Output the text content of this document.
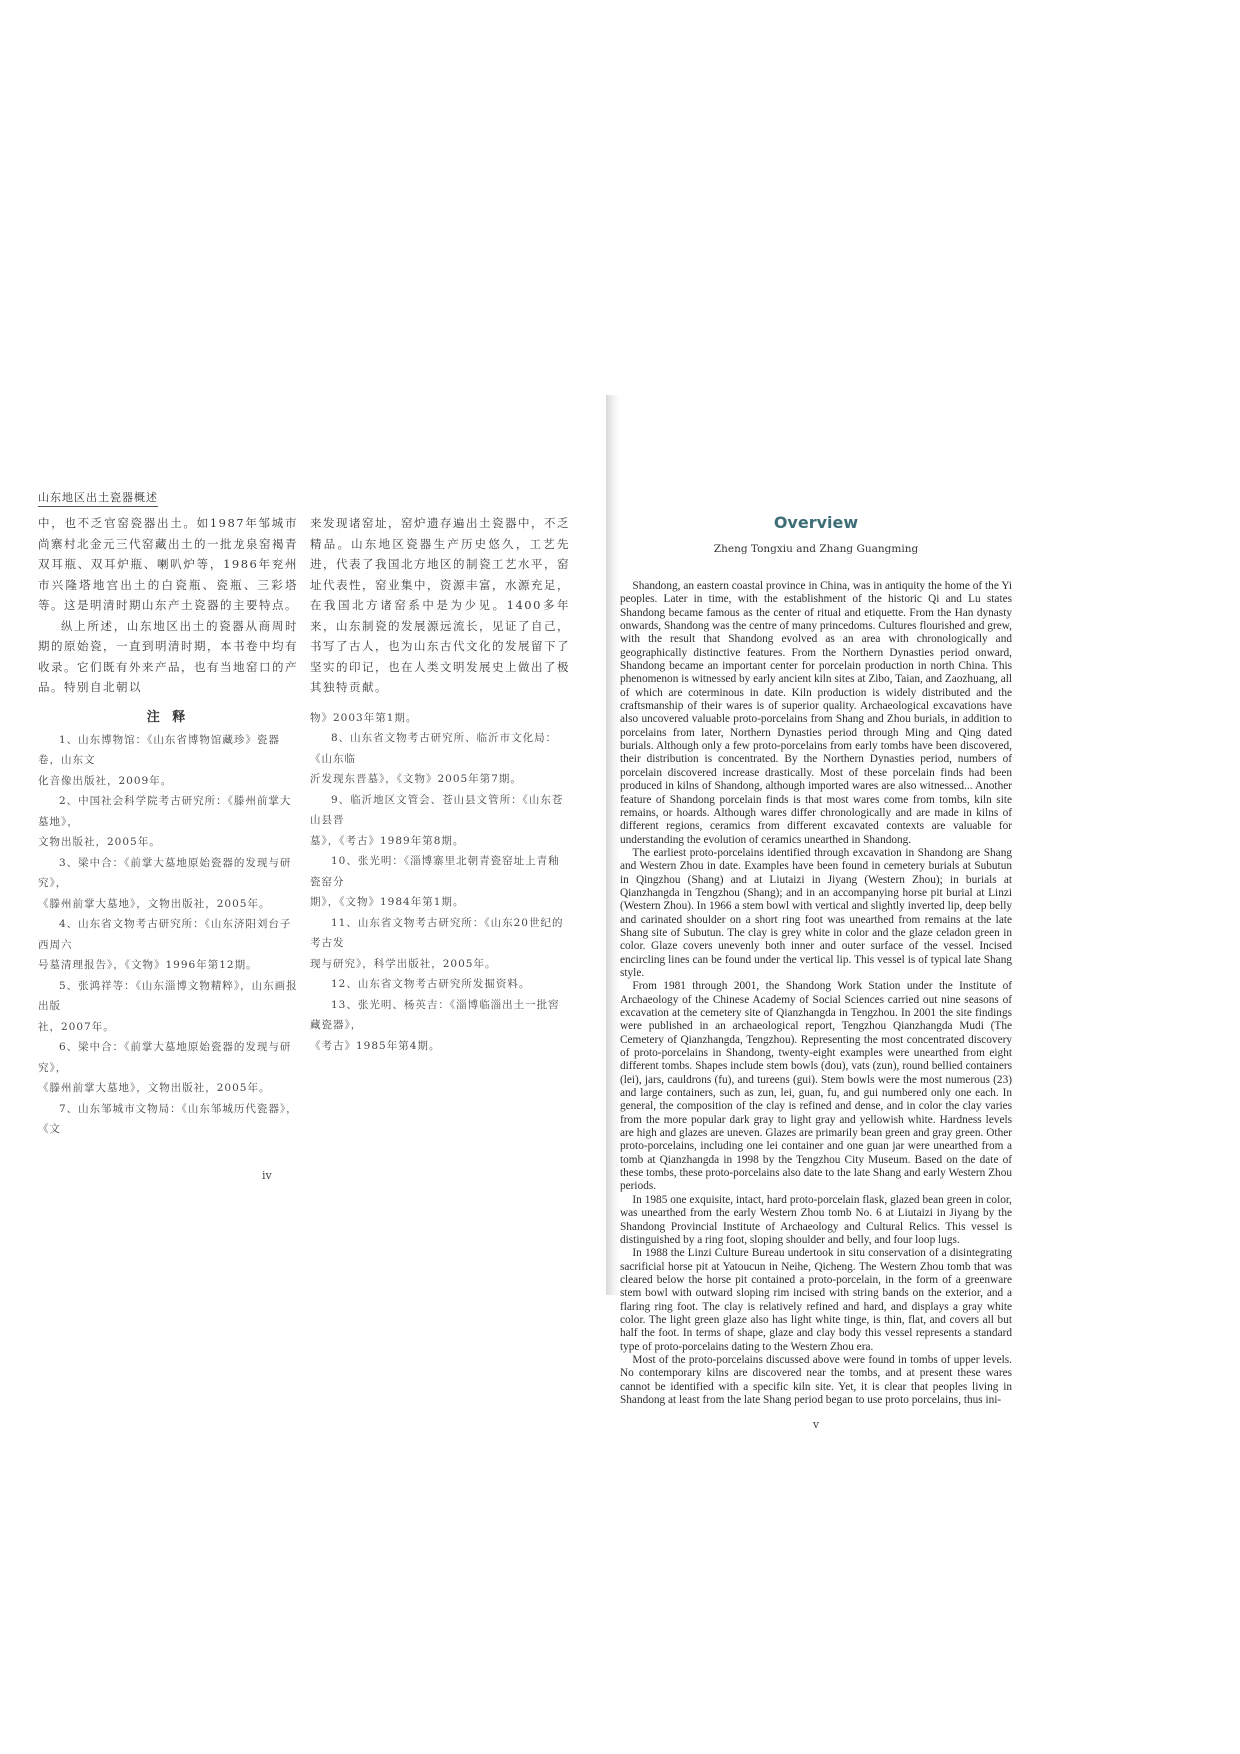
山东地区出土瓷器概述

中，也不乏官窑瓷器出土。如1987年邹城市尚寨村北金元三代窑藏出土的一批龙泉窑褐青双耳瓶、双耳炉瓶、喇叭炉等，1986年兖州市兴隆塔地宫出土的白瓷瓶、瓷瓶、三彩塔等。这是明清时期山东产土瓷器的主要特点。

纵上所述，山东地区出土的瓷器从商周时期的原始瓷，一直到明清时期，本书卷中均有收录。它们既有外来产品，也有当地窑口的产品。特别自北朝以

注 释

1、山东博物馆：《山东省博物馆藏珍》瓷器卷，山东文

化音像出版社，2009年。

2、中国社会科学院考古研究所：《滕州前掌大墓地》，

文物出版社，2005年。

3、梁中合：《前掌大墓地原始瓷器的发现与研究》，

《滕州前掌大墓地》，文物出版社，2005年。

4、山东省文物考古研究所：《山东济阳刘台子西周六

号墓清理报告》，《文物》1996年第12期。

5、张鸿祥等：《山东淄博文物精粹》，山东画报出版

社，2007年。

6、梁中合：《前掌大墓地原始瓷器的发现与研究》，

《滕州前掌大墓地》，文物出版社，2005年。

7、山东邹城市文物局：《山东邹城历代瓷器》，《文

来发现诸窑址，窑炉遗存遍出土瓷器中，不乏精品。山东地区瓷器生产历史悠久，工艺先进，代表了我国北方地区的制瓷工艺水平，窑址代表性，窑业集中，资源丰富，水源充足，在我国北方诸窑系中是为少见。1400多年来，山东制瓷的发展源远流长，见证了自己，书写了古人，也为山东古代文化的发展留下了坚实的印记，也在人类文明发展史上做出了极其独特贡献。

物》2003年第1期。

8、山东省文物考古研究所、临沂市文化局：《山东临

沂发现东晋墓》，《文物》2005年第7期。

9、临沂地区文管会、苍山县文管所：《山东苍山县晋

墓》，《考古》1989年第8期。

10、张光明：《淄博寨里北朝青瓷窑址上青釉瓷窑分

期》，《文物》1984年第1期。

11、山东省文物考古研究所：《山东20世纪的考古发

现与研究》，科学出版社，2005年。

12、山东省文物考古研究所发掘资料。

13、张光明、杨英吉：《淄博临淄出土一批窖藏瓷器》，

《考古》1985年第4期。

iv
Overview
Zheng Tongxiu and Zhang Guangming

Shandong, an eastern coastal province in China, was in antiquity the home of the Yi peoples. Later in time, with the establishment of the historic Qi and Lu states Shandong became famous as the center of ritual and etiquette. From the Han dynasty onwards, Shandong was the centre of many princedoms. Cultures flourished and grew, with the result that Shandong evolved as an area with chronologically and geographically distinctive features. From the Northern Dynasties period onward, Shandong became an important center for porcelain production in north China. This phenomenon is witnessed by early ancient kiln sites at Zibo, Taian, and Zaozhuang, all of which are coterminous in date. Kiln production is widely distributed and the craftsmanship of their wares is of superior quality. Archaeological excavations have also uncovered valuable proto-porcelains from Shang and Zhou burials, in addition to porcelains from later, Northern Dynasties period through Ming and Qing dated burials. Although only a few proto-porcelains from early tombs have been discovered, their distribution is concentrated. By the Northern Dynasties period, numbers of porcelain discovered increase drastically. Most of these porcelain finds had been produced in kilns of Shandong, although imported wares are also witnessed... Another feature of Shandong porcelain finds is that most wares come from tombs, kiln site remains, or hoards. Although wares differ chronologically and are made in kilns of different regions, ceramics from different excavated contexts are valuable for understanding the evolution of ceramics unearthed in Shandong.

The earliest proto-porcelains identified through excavation in Shandong are Shang and Western Zhou in date. Examples have been found in cemetery burials at Subutun in Qingzhou (Shang) and at Liutaizi in Jiyang (Western Zhou); in burials at Qianzhangda in Tengzhou (Shang); and in an accompanying horse pit burial at Linzi (Western Zhou). In 1966 a stem bowl with vertical and slightly inverted lip, deep belly and carinated shoulder on a short ring foot was unearthed from remains at the late Shang site of Subutun. The clay is grey white in color and the glaze celadon green in color. Glaze covers unevenly both inner and outer surface of the vessel. Incised encircling lines can be found under the vertical lip. This vessel is of typical late Shang style.

From 1981 through 2001, the Shandong Work Station under the Institute of Archaeology of the Chinese Academy of Social Sciences carried out nine seasons of excavation at the cemetery site of Qianzhangda in Tengzhou. In 2001 the site findings were published in an archaeological report, Tengzhou Qianzhangda Mudi (The Cemetery of Qianzhangda, Tengzhou). Representing the most concentrated discovery of proto-porcelains in Shandong, twenty-eight examples were unearthed from eight different tombs. Shapes include stem bowls (dou), vats (zun), round bellied containers (lei), jars, cauldrons (fu), and tureens (gui). Stem bowls were the most numerous (23) and large containers, such as zun, lei, guan, fu, and gui numbered only one each. In general, the composition of the clay is refined and dense, and in color the clay varies from the more popular dark gray to light gray and yellowish white. Hardness levels are high and glazes are uneven. Glazes are primarily bean green and gray green. Other proto-porcelains, including one lei container and one guan jar were unearthed from a tomb at Qianzhangda in 1998 by the Tengzhou City Museum. Based on the date of these tombs, these proto-porcelains also date to the late Shang and early Western Zhou periods.

In 1985 one exquisite, intact, hard proto-porcelain flask, glazed bean green in color, was unearthed from the early Western Zhou tomb No. 6 at Liutaizi in Jiyang by the Shandong Provincial Institute of Archaeology and Cultural Relics. This vessel is distinguished by a ring foot, sloping shoulder and belly, and four loop lugs.

In 1988 the Linzi Culture Bureau undertook in situ conservation of a disintegrating sacrificial horse pit at Yatoucun in Neihe, Qicheng. The Western Zhou tomb that was cleared below the horse pit contained a proto-porcelain, in the form of a greenware stem bowl with outward sloping rim incised with string bands on the exterior, and a flaring ring foot. The clay is relatively refined and hard, and displays a gray white color. The light green glaze also has light white tinge, is thin, flat, and covers all but half the foot. In terms of shape, glaze and clay body this vessel represents a standard type of proto-porcelains dating to the Western Zhou era.

Most of the proto-porcelains discussed above were found in tombs of upper levels. No contemporary kilns are discovered near the tombs, and at present these wares cannot be identified with a specific kiln site. Yet, it is clear that peoples living in Shandong at least from the late Shang period began to use proto porcelains, thus ini-

v
